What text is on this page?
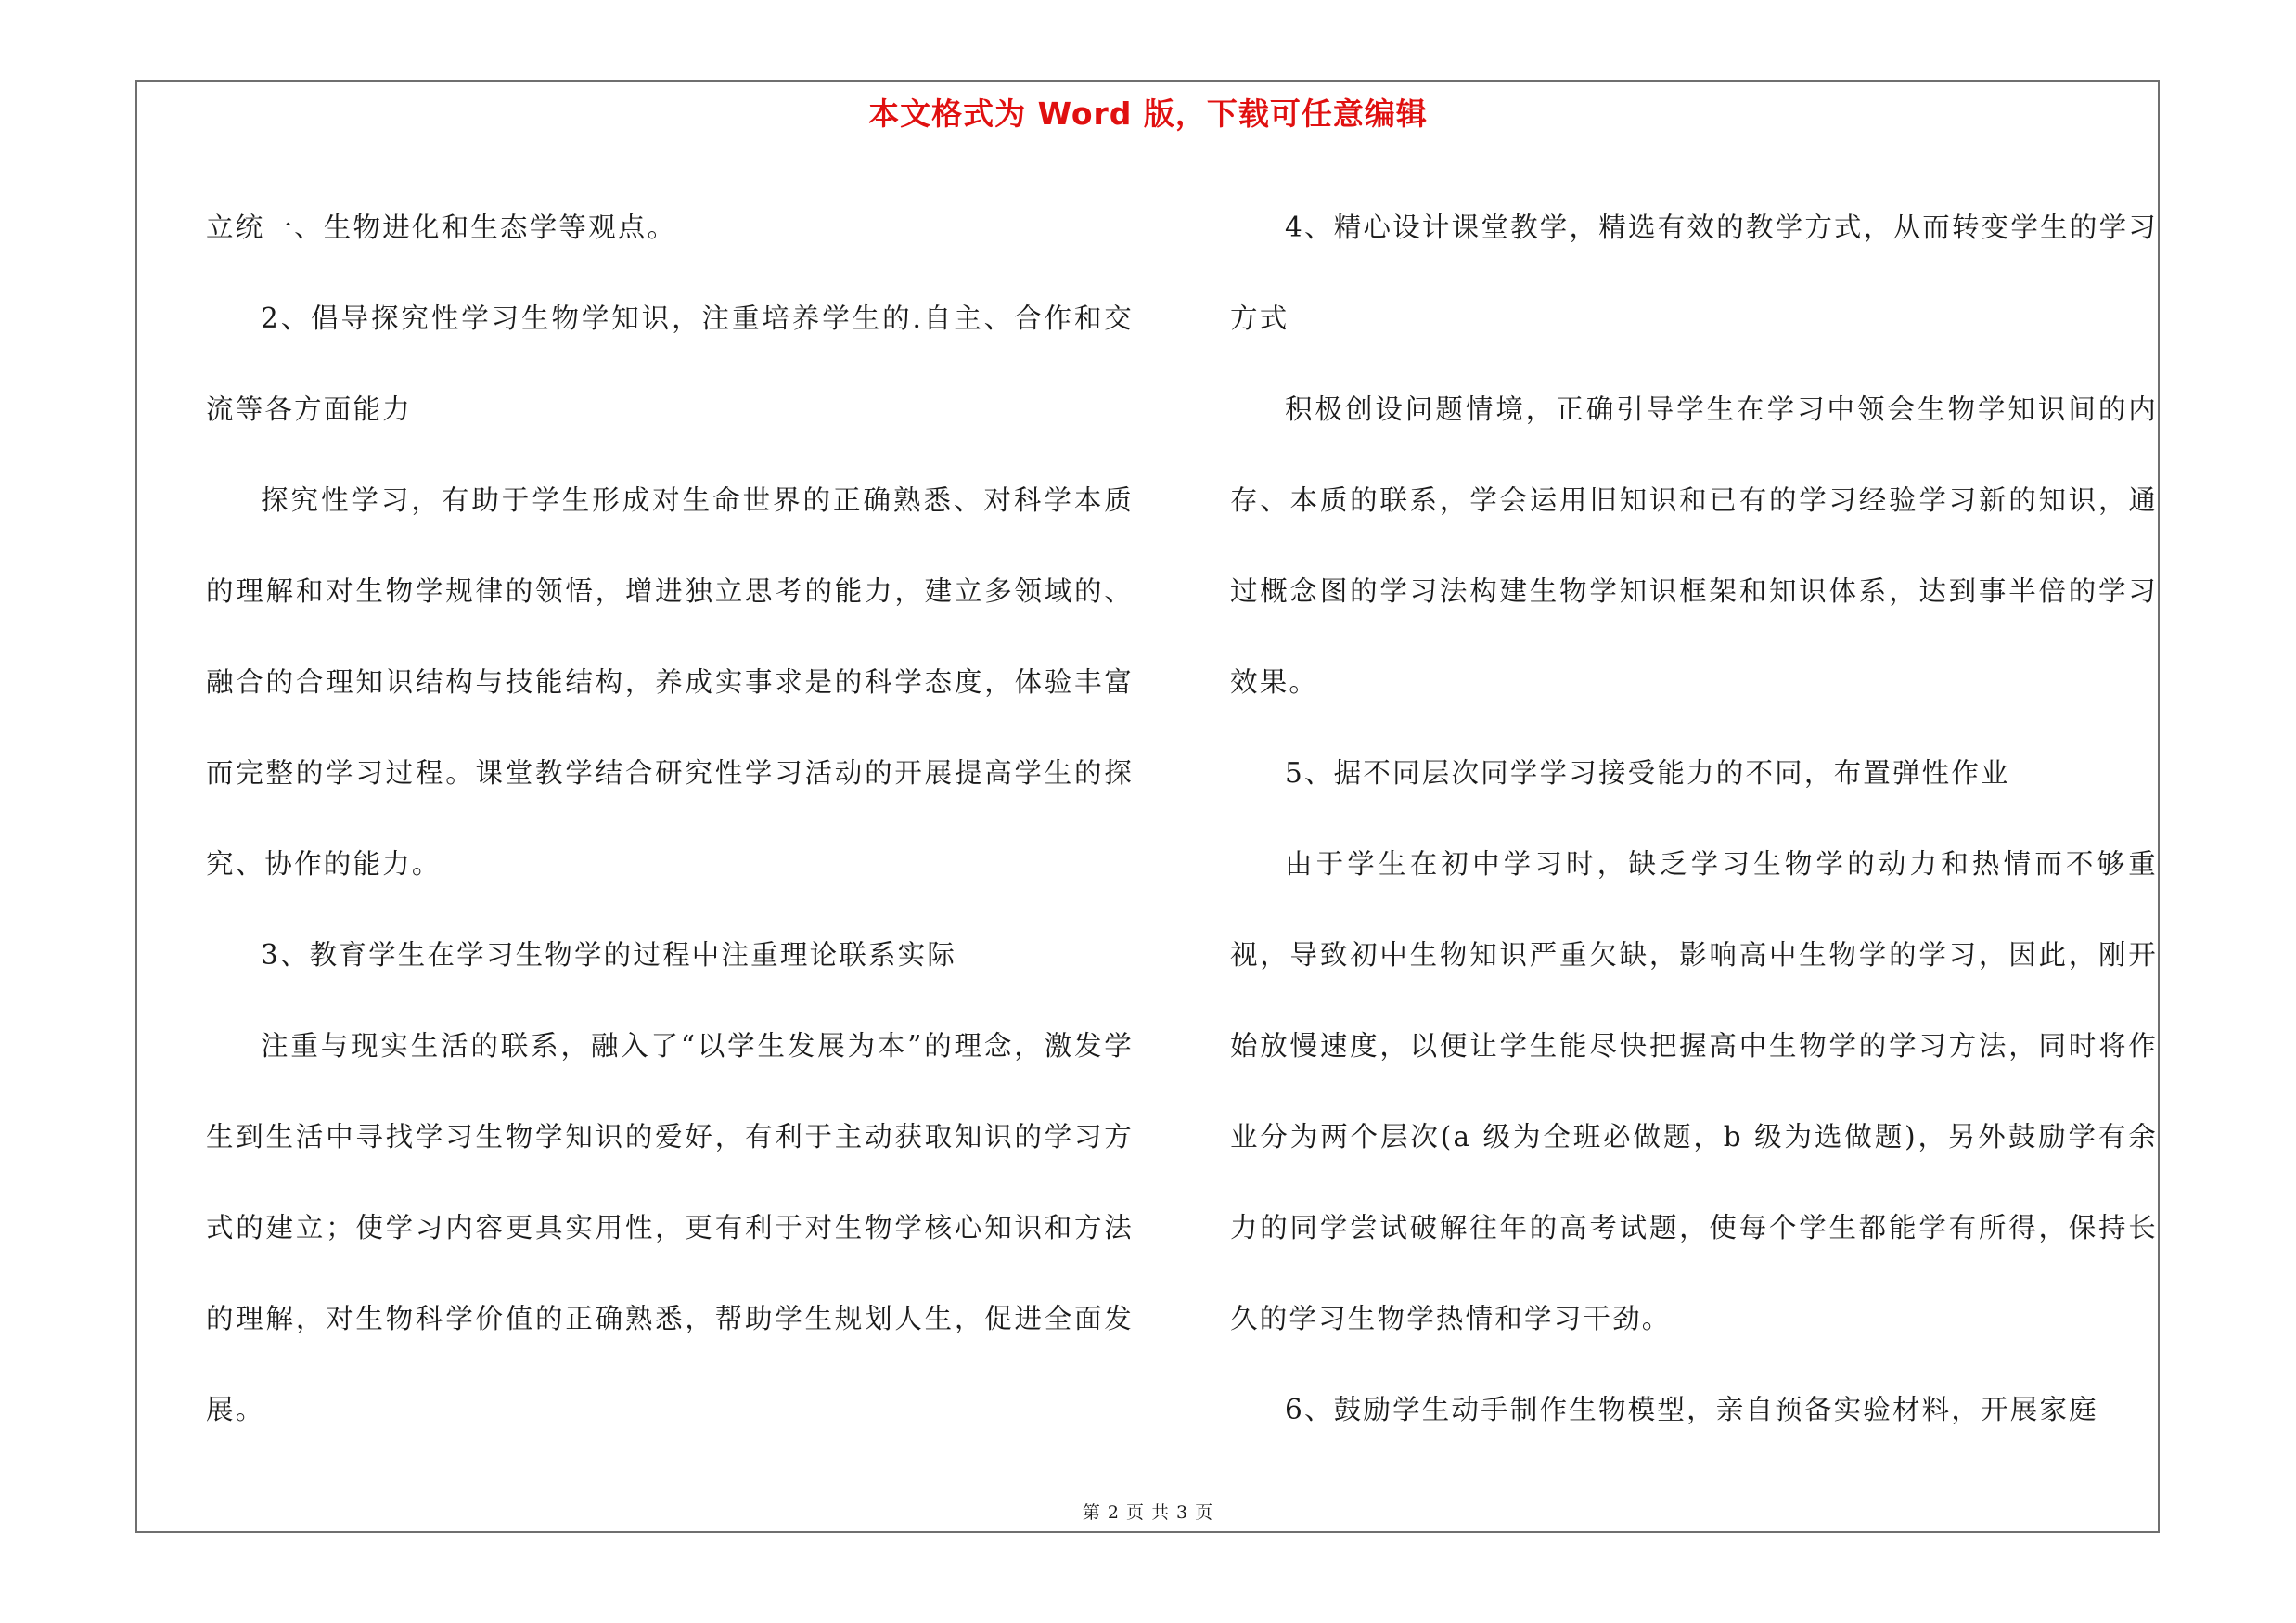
本文格式为 Word 版，下载可任意编辑

立统一、生物进化和生态学等观点。

2、倡导探究性学习生物学知识，注重培养学生的.自主、合作和交流等各方面能力

探究性学习，有助于学生形成对生命世界的正确熟悉、对科学本质的理解和对生物学规律的领悟，增进独立思考的能力，建立多领域的、融合的合理知识结构与技能结构，养成实事求是的科学态度，体验丰富而完整的学习过程。课堂教学结合研究性学习活动的开展提高学生的探究、协作的能力。

3、教育学生在学习生物学的过程中注重理论联系实际

注重与现实生活的联系，融入了“以学生发展为本”的理念，激发学生到生活中寻找学习生物学知识的爱好，有利于主动获取知识的学习方式的建立；使学习内容更具实用性，更有利于对生物学核心知识和方法的理解，对生物科学价值的正确熟悉，帮助学生规划人生，促进全面发展。

4、精心设计课堂教学，精选有效的教学方式，从而转变学生的学习方式

积极创设问题情境，正确引导学生在学习中领会生物学知识间的内存、本质的联系，学会运用旧知识和已有的学习经验学习新的知识，通过概念图的学习法构建生物学知识框架和知识体系，达到事半倍的学习效果。

5、据不同层次同学学习接受能力的不同，布置弹性作业

由于学生在初中学习时，缺乏学习生物学的动力和热情而不够重视，导致初中生物知识严重欠缺，影响高中生物学的学习，因此，刚开始放慢速度，以便让学生能尽快把握高中生物学的学习方法，同时将作业分为两个层次(a 级为全班必做题，b 级为选做题)，另外鼓励学有余力的同学尝试破解往年的高考试题，使每个学生都能学有所得，保持长久的学习生物学热情和学习干劲。

6、鼓励学生动手制作生物模型，亲自预备实验材料，开展家庭

第 2 页 共 3 页
